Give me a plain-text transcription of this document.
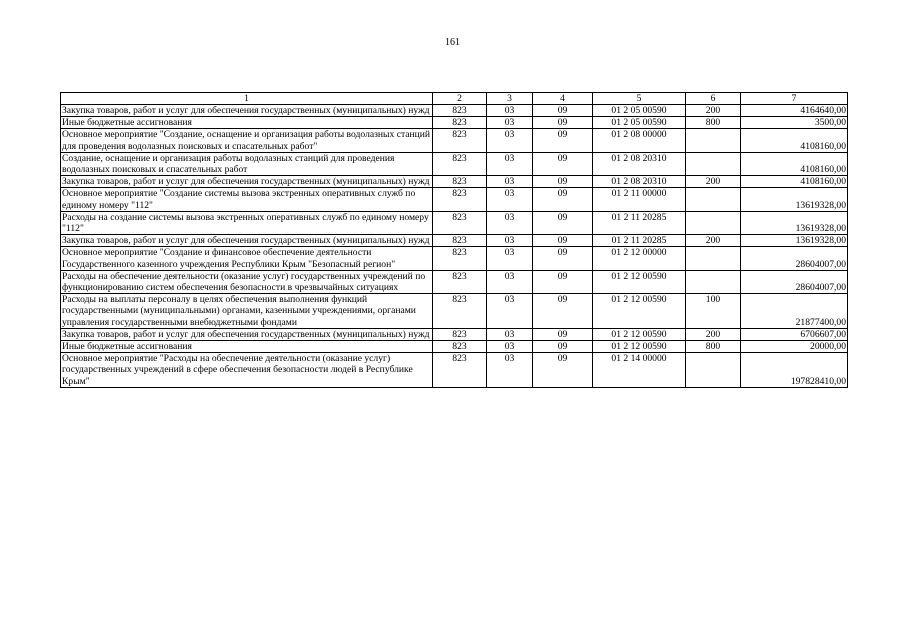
161
1	2	3	4	5	6	7
Закупка товаров, работ и услуг для обеспечения государственных (муниципальных) нужд	823	03	09	01 2 05 00590	200	4164640,00
Иные бюджетные ассигнования	823	03	09	01 2 05 00590	800	3500,00
Основное мероприятие "Создание, оснащение и организация работы водолазных станций для проведения водолазных поисковых и спасательных работ"	823	03	09	01 2 08 00000		4108160,00
Создание, оснащение и организация работы водолазных станций для проведения водолазных поисковых и спасательных работ	823	03	09	01 2 08 20310		4108160,00
Закупка товаров, работ и услуг для обеспечения государственных (муниципальных) нужд	823	03	09	01 2 08 20310	200	4108160,00
Основное мероприятие "Создание системы вызова экстренных оперативных служб по единому номеру "112"	823	03	09	01 2 11 00000		13619328,00
Расходы на создание системы вызова экстренных оперативных служб по единому номеру "112"	823	03	09	01 2 11 20285		13619328,00
Закупка товаров, работ и услуг для обеспечения государственных (муниципальных) нужд	823	03	09	01 2 11 20285	200	13619328,00
Основное мероприятие "Создание и финансовое обеспечение деятельности Государственного казенного учреждения Республики Крым "Безопасный регион"	823	03	09	01 2 12 00000		28604007,00
Расходы на обеспечение деятельности (оказание услуг) государственных учреждений по функционированию систем обеспечения безопасности в чрезвычайных ситуациях	823	03	09	01 2 12 00590		28604007,00
Расходы на выплаты персоналу в целях обеспечения выполнения функций государственными (муниципальными) органами, казенными учреждениями, органами управления государственными внебюджетными фондами	823	03	09	01 2 12 00590	100	21877400,00
Закупка товаров, работ и услуг для обеспечения государственных (муниципальных) нужд	823	03	09	01 2 12 00590	200	6706607,00
Иные бюджетные ассигнования	823	03	09	01 2 12 00590	800	20000,00
Основное мероприятие "Расходы на обеспечение деятельности (оказание услуг) государственных учреждений в сфере обеспечения безопасности людей в Республике Крым"	823	03	09	01 2 14 00000		197828410,00
